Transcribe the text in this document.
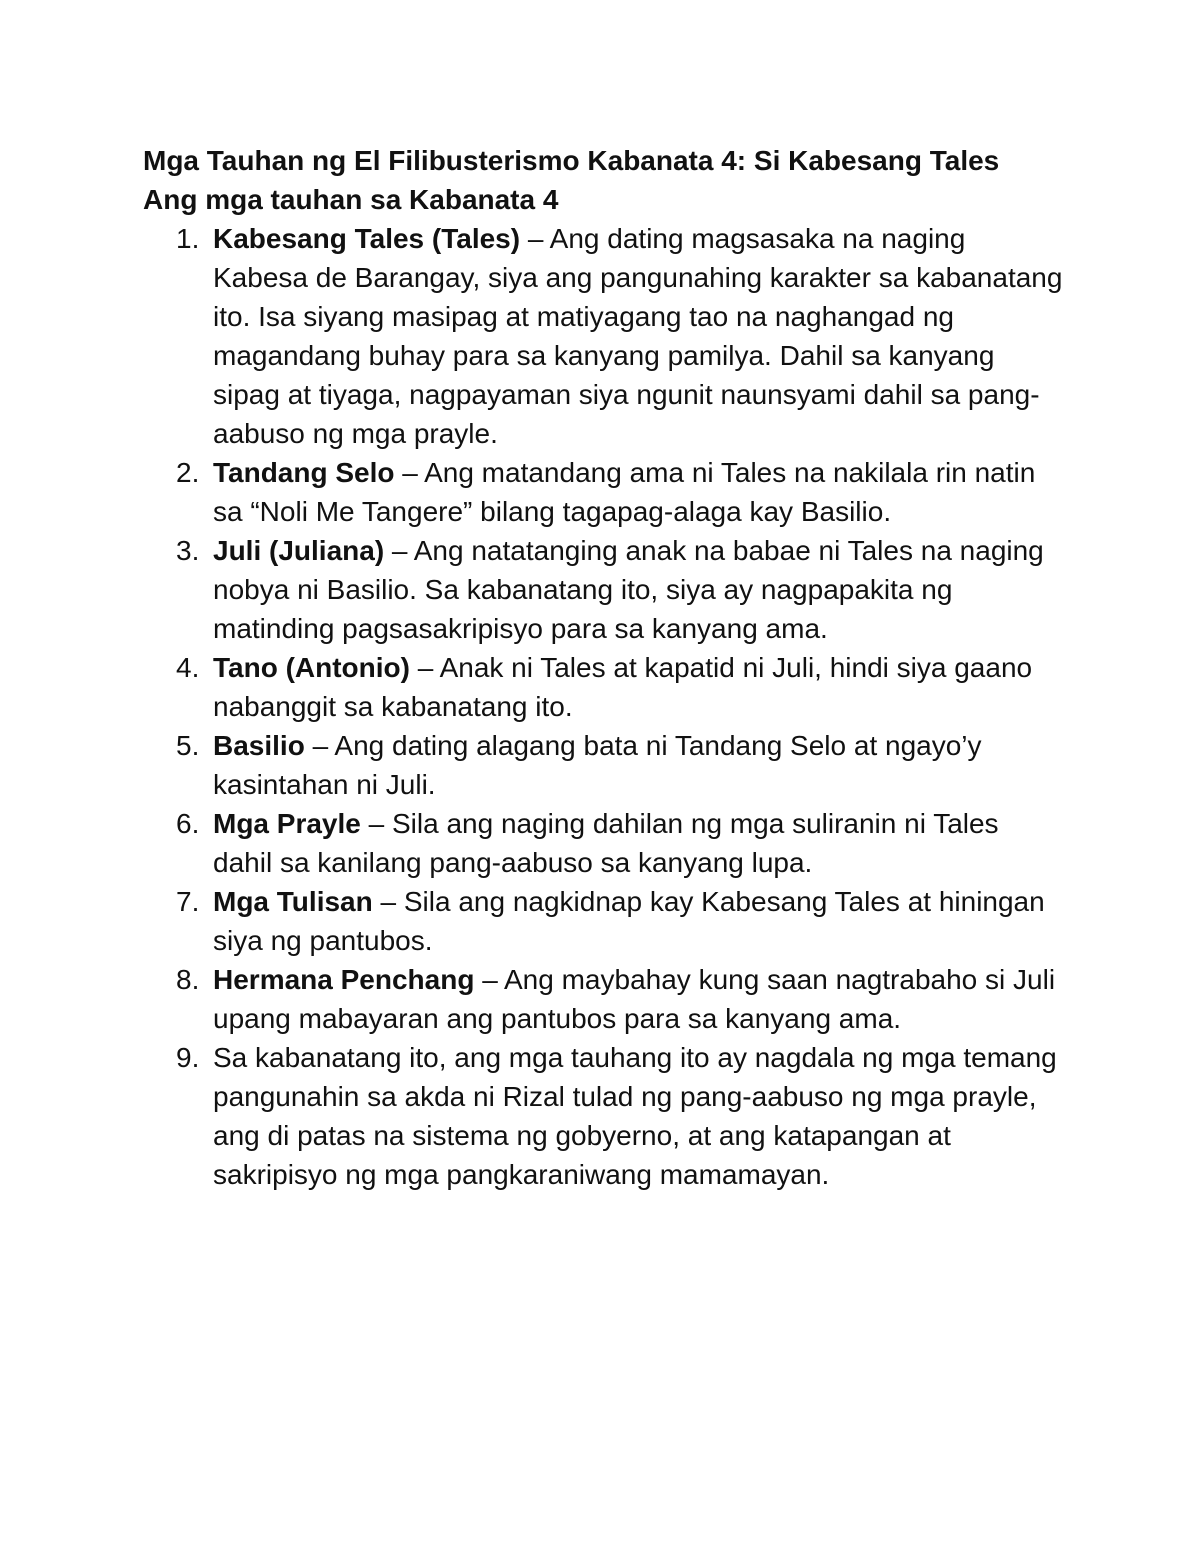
Mga Tauhan ng El Filibusterismo Kabanata 4: Si Kabesang Tales
Ang mga tauhan sa Kabanata 4
1. Kabesang Tales (Tales) – Ang dating magsasaka na naging Kabesa de Barangay, siya ang pangunahing karakter sa kabanatang ito. Isa siyang masipag at matiyagang tao na naghangad ng magandang buhay para sa kanyang pamilya. Dahil sa kanyang sipag at tiyaga, nagpayaman siya ngunit naunsyami dahil sa pang-aabuso ng mga prayle.
2. Tandang Selo – Ang matandang ama ni Tales na nakilala rin natin sa “Noli Me Tangere” bilang tagapag-alaga kay Basilio.
3. Juli (Juliana) – Ang natatanging anak na babae ni Tales na naging nobya ni Basilio. Sa kabanatang ito, siya ay nagpapakita ng matinding pagsasakripisyo para sa kanyang ama.
4. Tano (Antonio) – Anak ni Tales at kapatid ni Juli, hindi siya gaano nabanggit sa kabanatang ito.
5. Basilio – Ang dating alagang bata ni Tandang Selo at ngayo’y kasintahan ni Juli.
6. Mga Prayle – Sila ang naging dahilan ng mga suliranin ni Tales dahil sa kanilang pang-aabuso sa kanyang lupa.
7. Mga Tulisan – Sila ang nagkidnap kay Kabesang Tales at hiningan siya ng pantubos.
8. Hermana Penchang – Ang maybahay kung saan nagtrabaho si Juli upang mabayaran ang pantubos para sa kanyang ama.
9. Sa kabanatang ito, ang mga tauhang ito ay nagdala ng mga temang pangunahin sa akda ni Rizal tulad ng pang-aabuso ng mga prayle, ang di patas na sistema ng gobyerno, at ang katapangan at sakripisyo ng mga pangkaraniwang mamamayan.
